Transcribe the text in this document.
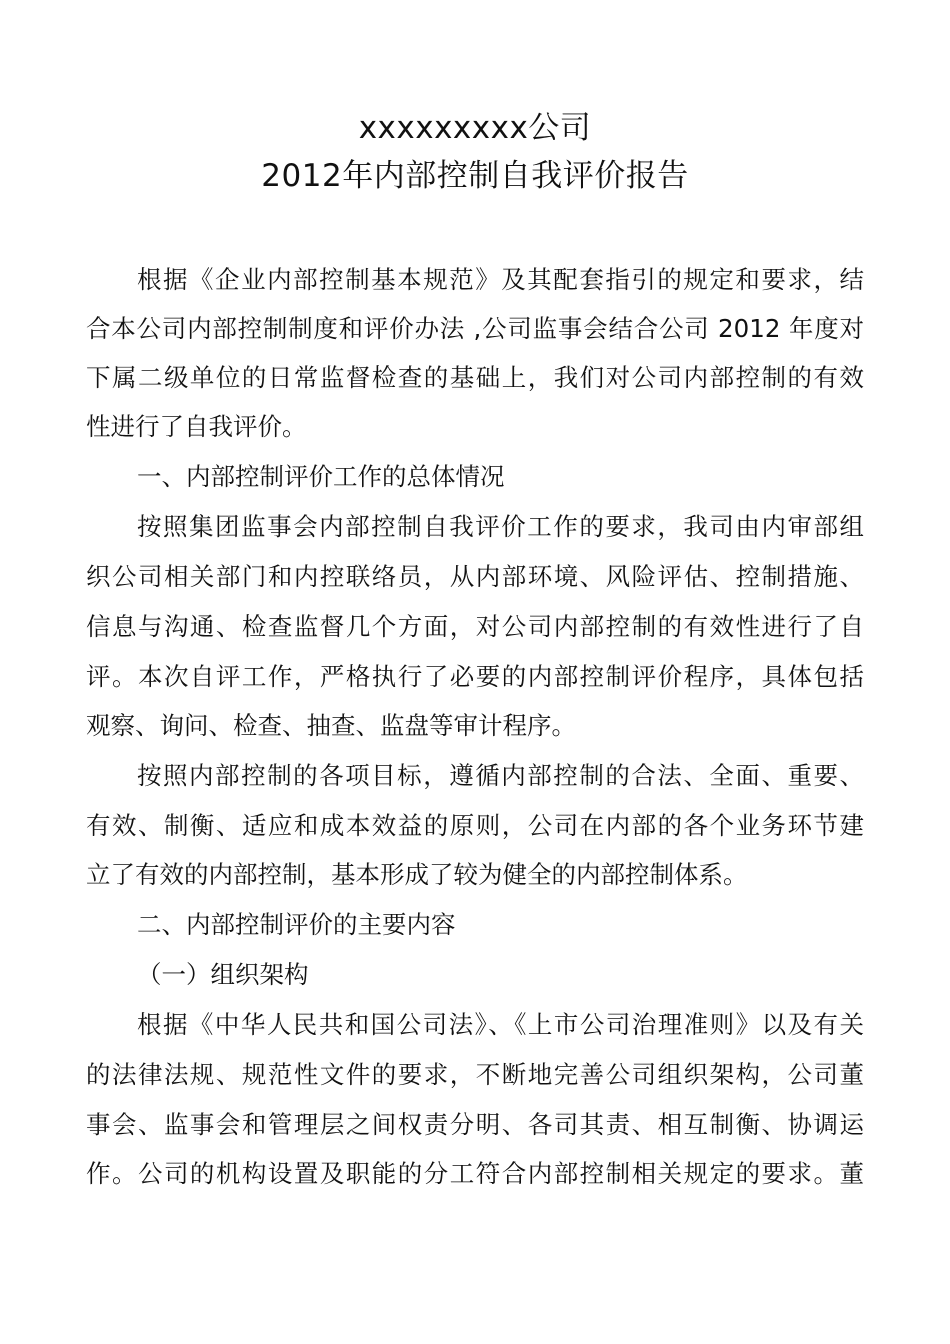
xxxxxxxxx公司
2012年内部控制自我评价报告
根据《企业内部控制基本规范》及其配套指引的规定和要求，结
合本公司内部控制制度和评价办法 ,公司监事会结合公司 2012 年度对
下属二级单位的日常监督检查的基础上，我们对公司内部控制的有效
性进行了自我评价。
一、内部控制评价工作的总体情况
按照集团监事会内部控制自我评价工作的要求，我司由内审部组
织公司相关部门和内控联络员，从内部环境、风险评估、控制措施、
信息与沟通、检查监督几个方面，对公司内部控制的有效性进行了自
评。本次自评工作，严格执行了必要的内部控制评价程序，具体包括
观察、询问、检查、抽查、监盘等审计程序。
按照内部控制的各项目标，遵循内部控制的合法、全面、重要、
有效、制衡、适应和成本效益的原则，公司在内部的各个业务环节建
立了有效的内部控制，基本形成了较为健全的内部控制体系。
二、内部控制评价的主要内容
（一）组织架构
根据《中华人民共和国公司法》、《上市公司治理准则》以及有关
的法律法规、规范性文件的要求，不断地完善公司组织架构，公司董
事会、监事会和管理层之间权责分明、各司其责、相互制衡、协调运
作。公司的机构设置及职能的分工符合内部控制相关规定的要求。董
